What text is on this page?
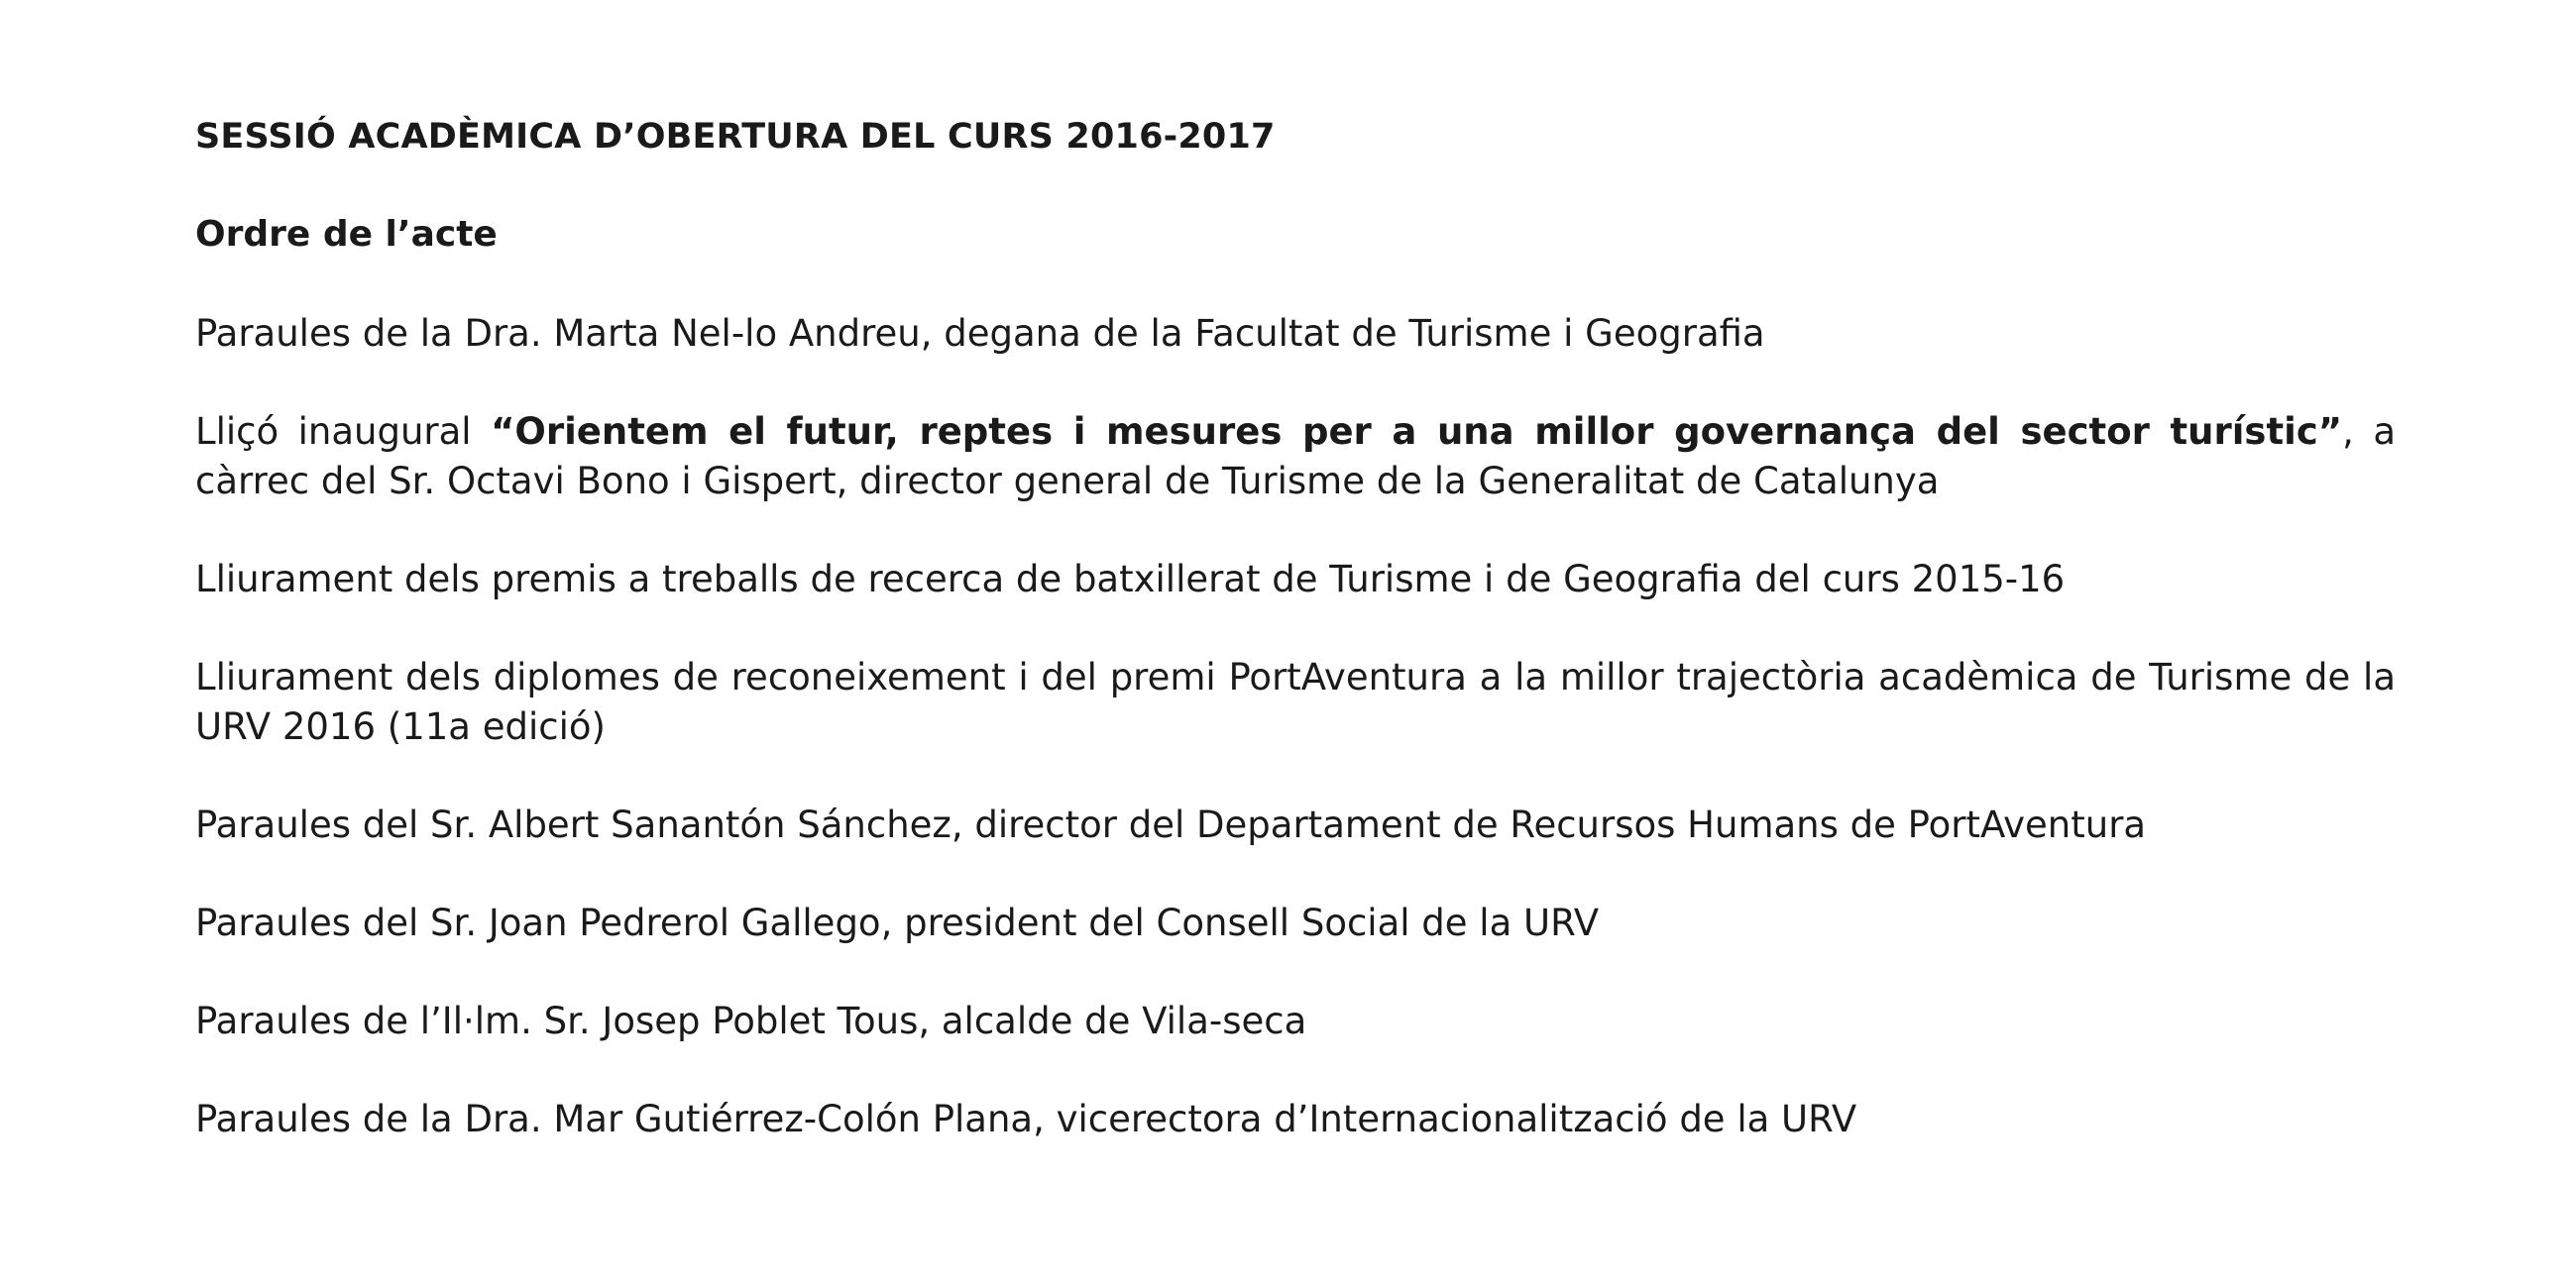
SESSIÓ ACADÈMICA D’OBERTURA DEL CURS 2016-2017

Ordre de l’acte

Paraules de la Dra. Marta Nel-lo Andreu, degana de la Facultat de Turisme i Geografia

Lliçó inaugural “Orientem el futur, reptes i mesures per a una millor governança del sector turístic”, a càrrec del Sr. Octavi Bono i Gispert, director general de Turisme de la Generalitat de Catalunya

Lliurament dels premis a treballs de recerca de batxillerat de Turisme i de Geografia del curs 2015-16

Lliurament dels diplomes de reconeixement i del premi PortAventura a la millor trajectòria acadèmica de Turisme de la URV 2016 (11a edició)

Paraules del Sr. Albert Sanantón Sánchez, director del Departament de Recursos Humans de PortAventura

Paraules del Sr. Joan Pedrerol Gallego, president del Consell Social de la URV

Paraules de l’Il·lm. Sr. Josep Poblet Tous, alcalde de Vila-seca

Paraules de la Dra. Mar Gutiérrez-Colón Plana, vicerectora d’Internacionalització de la URV
